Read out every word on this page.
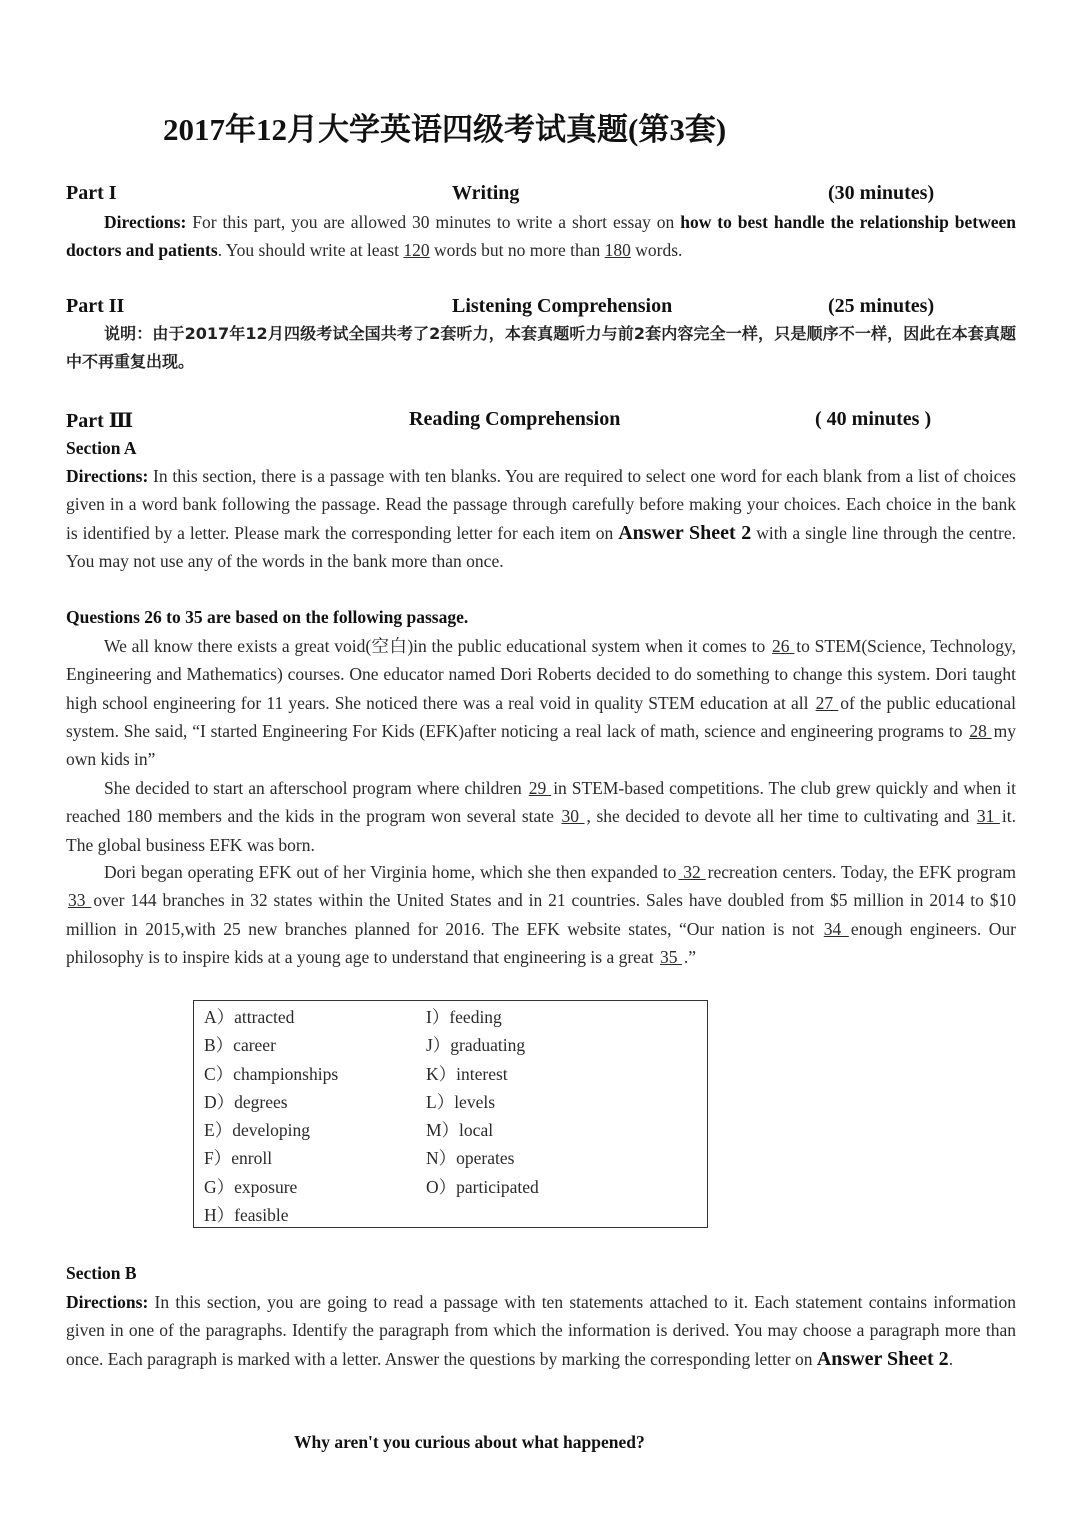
2017年12月大学英语四级考试真题(第3套)
Part I	Writing	(30 minutes)
Directions: For this part, you are allowed 30 minutes to write a short essay on how to best handle the relationship between doctors and patients. You should write at least 120 words but no more than 180 words.
Part II	Listening Comprehension	(25 minutes)
说明：由于2017年12月四级考试全国共考了2套听力，本套真题听力与前2套内容完全一样，只是顺序不一样，因此在本套真题中不再重复出现。
Part Ⅲ	Reading Comprehension	( 40 minutes )
Section A
Directions: In this section, there is a passage with ten blanks. You are required to select one word for each blank from a list of choices given in a word bank following the passage. Read the passage through carefully before making your choices. Each choice in the bank is identified by a letter. Please mark the corresponding letter for each item on Answer Sheet 2 with a single line through the centre. You may not use any of the words in the bank more than once.
Questions 26 to 35 are based on the following passage.
We all know there exists a great void(空白)in the public educational system when it comes to 26 to STEM(Science, Technology, Engineering and Mathematics) courses. One educator named Dori Roberts decided to do something to change this system. Dori taught high school engineering for 11 years. She noticed there was a real void in quality STEM education at all 27 of the public educational system. She said, “I started Engineering For Kids (EFK)after noticing a real lack of math, science and engineering programs to 28 my own kids in”
She decided to start an afterschool program where children 29 in STEM-based competitions. The club grew quickly and when it reached 180 members and the kids in the program won several state 30 , she decided to devote all her time to cultivating and 31 it. The global business EFK was born.
Dori began operating EFK out of her Virginia home, which she then expanded to 32 recreation centers. Today, the EFK program 33 over 144 branches in 32 states within the United States and in 21 countries. Sales have doubled from $5 million in 2014 to $10 million in 2015,with 25 new branches planned for 2016. The EFK website states, “Our nation is not 34 enough engineers. Our philosophy is to inspire kids at a young age to understand that engineering is a great 35 .”
A）attracted
B）career
C）championships
D）degrees
E）developing
F）enroll
G）exposure
H）feasible
I）feeding
J）graduating
K）interest
L）levels
M）local
N）operates
O）participated
Section B
Directions: In this section, you are going to read a passage with ten statements attached to it. Each statement contains information given in one of the paragraphs. Identify the paragraph from which the information is derived. You may choose a paragraph more than once. Each paragraph is marked with a letter. Answer the questions by marking the corresponding letter on Answer Sheet 2.
Why aren't you curious about what happened?
